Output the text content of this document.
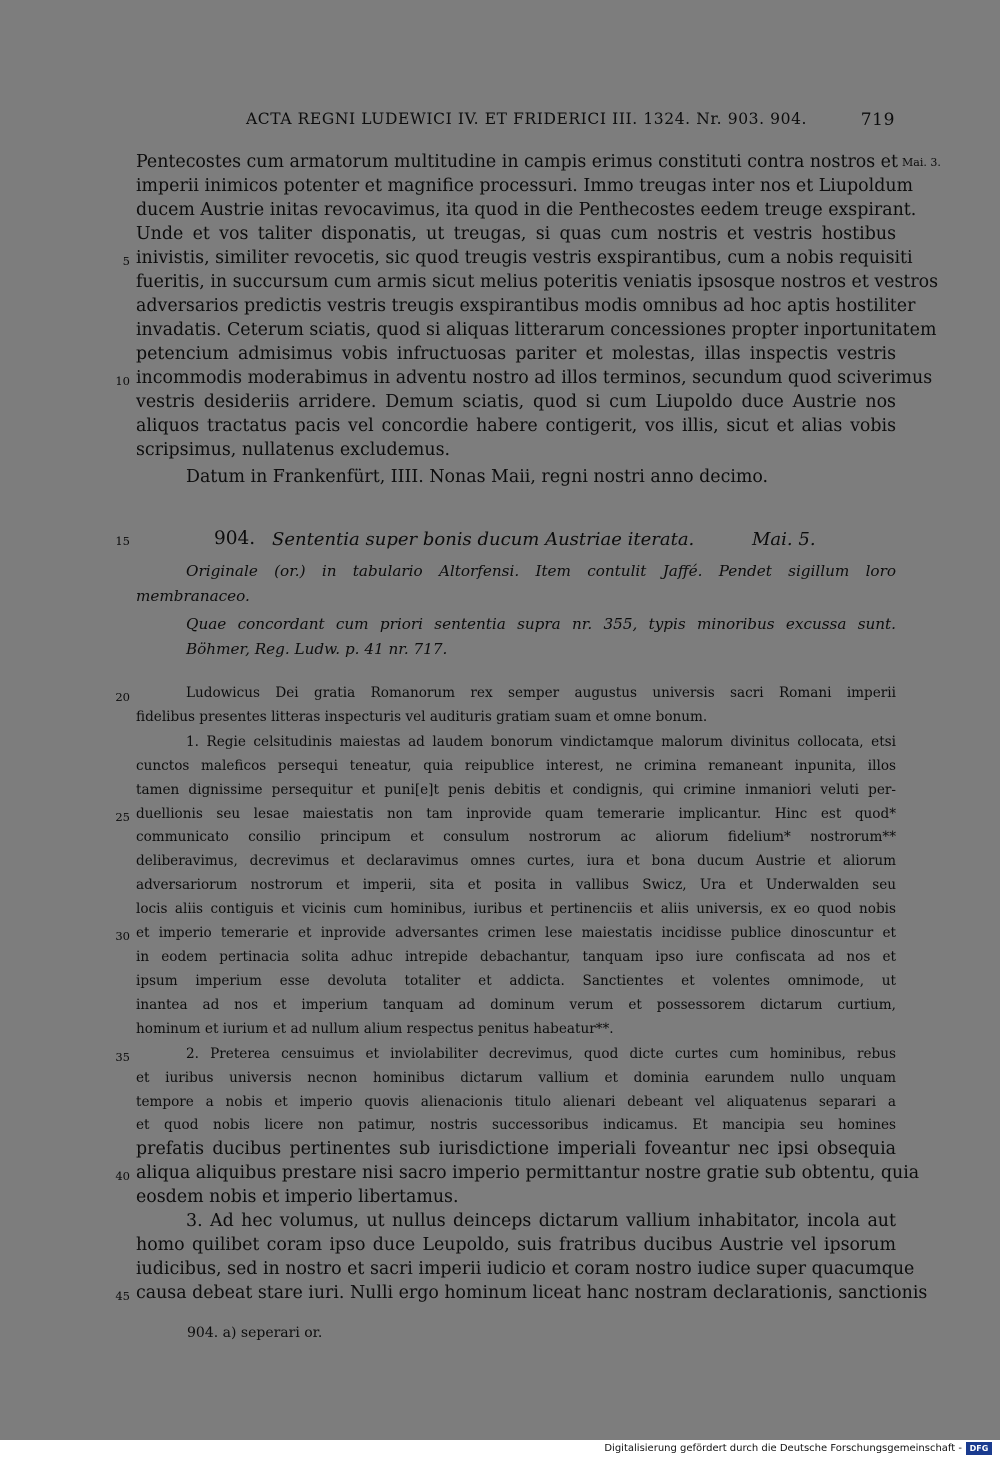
ACTA REGNI LUDEWICI IV. ET FRIDERICI III. 1324. Nr. 903. 904.	719
Mai. 3.
Pentecostes cum armatorum multitudine in campis erimus constituti contra nostros et
imperii inimicos potenter et magnifice processuri. Immo treugas inter nos et Liupoldum
ducem Austrie initas revocavimus, ita quod in die Penthecostes eedem treuge exspirant.
Unde et vos taliter disponatis, ut treugas, si quas cum nostris et vestris hostibus
inivistis, similiter revocetis, sic quod treugis vestris exspirantibus, cum a nobis requisiti
fueritis, in succursum cum armis sicut melius poteritis veniatis ipsosque nostros et vestros
adversarios predictis vestris treugis exspirantibus modis omnibus ad hoc aptis hostiliter
invadatis. Ceterum sciatis, quod si aliquas litterarum concessiones propter inportunitatem
petencium admisimus vobis infructuosas pariter et molestas, illas inspectis vestris
incommodis moderabimus in adventu nostro ad illos terminos, secundum quod sciverimus
vestris desideriis arridere. Demum sciatis, quod si cum Liupoldo duce Austrie nos
aliquos tractatus pacis vel concordie habere contigerit, vos illis, sicut et alias vobis
scripsimus, nullatenus excludemus.
Datum in Frankenfürt, IIII. Nonas Maii, regni nostri anno decimo.
904. Sententia super bonis ducum Austriae iterata.	Mai. 5.
Originale (or.) in tabulario Altorfensi. Item contulit Jaffé. Pendet sigillum loro
membranaceo.
Quae concordant cum priori sententia supra nr. 355, typis minoribus excussa sunt.
Böhmer, Reg. Ludw. p. 41 nr. 717.
Ludowicus Dei gratia Romanorum rex semper augustus universis sacri Romani imperii
fidelibus presentes litteras inspecturis vel audituris gratiam suam et omne bonum.
1. Regie celsitudinis maiestas ad laudem bonorum vindictamque malorum divinitus collocata, etsi
cunctos maleficos persequi teneatur, quia reipublice interest, ne crimina remaneant inpunita, illos
tamen dignissime persequitur et puni[e]t penis debitis et condignis, qui crimine inmaniori veluti per-
duellionis seu lesae maiestatis non tam inprovide quam temerarie implicantur. Hinc est quod*
communicato consilio principum et consulum nostrorum ac aliorum fidelium* nostrorum**
deliberavimus, decrevimus et declaravimus omnes curtes, iura et bona ducum Austrie et aliorum
adversariorum nostrorum et imperii, sita et posita in vallibus Swicz, Ura et Underwalden seu
locis aliis contiguis et vicinis cum hominibus, iuribus et pertinenciis et aliis universis, ex eo quod nobis
et imperio temerarie et inprovide adversantes crimen lese maiestatis incidisse publice dinoscuntur et
in eodem pertinacia solita adhuc intrepide debachantur, tanquam ipso iure confiscata ad nos et
ipsum imperium esse devoluta totaliter et addicta. Sanctientes et volentes omnimode, ut
inantea ad nos et imperium tanquam ad dominum verum et possessorem dictarum curtium,
hominum et iurium et ad nullum alium respectus penitus habeatur**.
2. Preterea censuimus et inviolabiliter decrevimus, quod dicte curtes cum hominibus, rebus
et iuribus universis necnon hominibus dictarum vallium et dominia earundem nullo unquam
tempore a nobis et imperio quovis alienacionis titulo alienari debeant vel aliquatenus separari a
et quod nobis licere non patimur, nostris successoribus indicamus. Et mancipia seu homines
prefatis ducibus pertinentes sub iurisdictione imperiali foveantur nec ipsi obsequia
aliqua aliquibus prestare nisi sacro imperio permittantur nostre gratie sub obtentu, quia
eosdem nobis et imperio libertamus.
3. Ad hec volumus, ut nullus deinceps dictarum vallium inhabitator, incola aut
homo quilibet coram ipso duce Leupoldo, suis fratribus ducibus Austrie vel ipsorum
iudicibus, sed in nostro et sacri imperii iudicio et coram nostro iudice super quacumque
causa debeat stare iuri. Nulli ergo hominum liceat hanc nostram declarationis, sanctionis
5
10
15
20
25
30
35
40
45
904. a) seperari or.
Digitalisierung gefördert durch die Deutsche Forschungsgemeinschaft - DFG
